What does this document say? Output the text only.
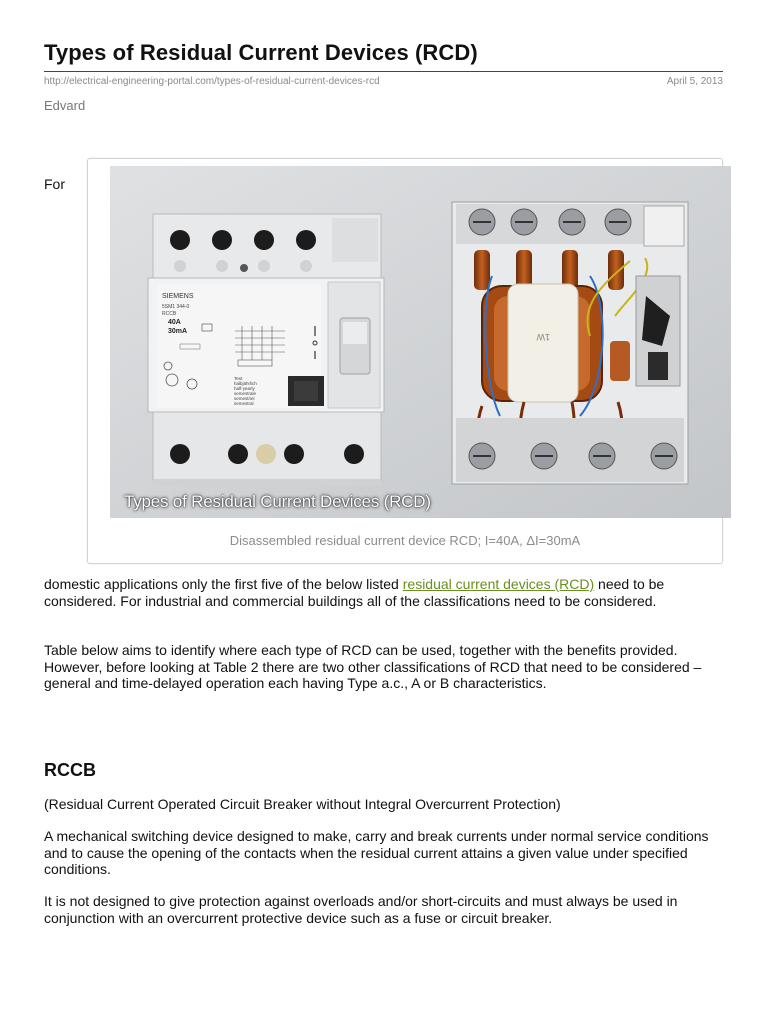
Types of Residual Current Devices (RCD)
http://electrical-engineering-portal.com/types-of-residual-current-devices-rcd	April 5, 2013
Edvard
For
SIEMENS
5SM1 344-0
RCCB
40A
30mA
Test
halbjährlich
half-yearly
semestrale
semestriel
semestral
1W
Types of Residual Current Devices (RCD)
Disassembled residual current device RCD; I=40A, ΔI=30mA

domestic applications only the first five of the below listed residual current devices (RCD) need to be considered. For industrial and commercial buildings all of the classifications need to be considered.

Table below aims to identify where each type of RCD can be used, together with the benefits provided. However, before looking at Table 2 there are two other classifications of RCD that need to be considered – general and time-delayed operation each having Type a.c., A or B characteristics.

RCCB

(Residual Current Operated Circuit Breaker without Integral Overcurrent Protection)

A mechanical switching device designed to make, carry and break currents under normal service conditions and to cause the opening of the contacts when the residual current attains a given value under specified conditions.

It is not designed to give protection against overloads and/or short-circuits and must always be used in conjunction with an overcurrent protective device such as a fuse or circuit breaker.
